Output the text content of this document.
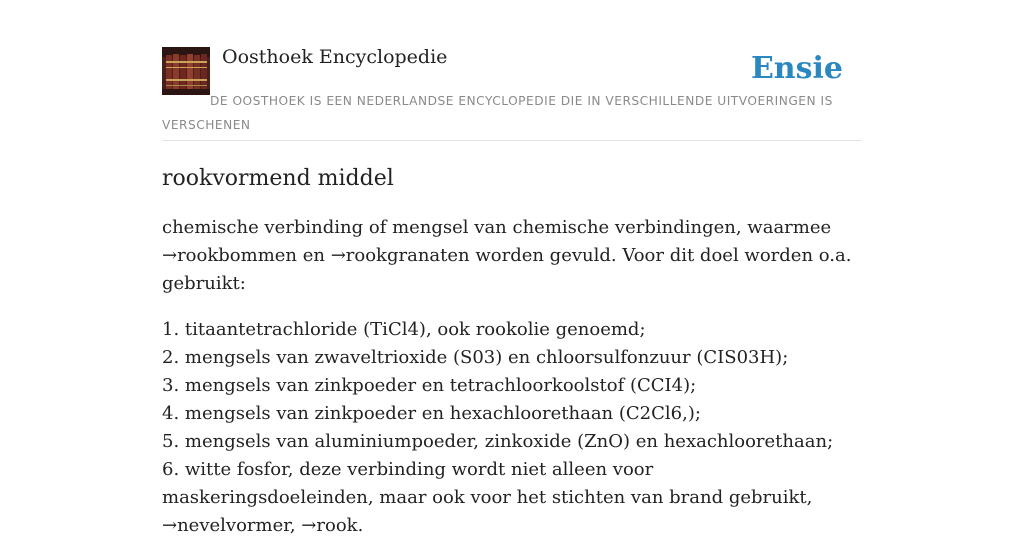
Oosthoek Encyclopedie	Ensie
DE OOSTHOEK IS EEN NEDERLANDSE ENCYCLOPEDIE DIE IN VERSCHILLENDE UITVOERINGEN IS VERSCHENEN
rookvormend middel

chemische verbinding of mengsel van chemische verbindingen, waarmee →rookbommen en →rookgranaten worden gevuld. Voor dit doel worden o.a. gebruikt:

1. titaantetrachloride (TiCl4), ook rookolie genoemd;
2. mengsels van zwaveltrioxide (S03) en chloorsulfonzuur (CIS03H);
3. mengsels van zinkpoeder en tetrachloorkoolstof (CCI4);
4. mengsels van zinkpoeder en hexachloorethaan (C2Cl6,);
5. mengsels van aluminiumpoeder, zinkoxide (ZnO) en hexachloorethaan;
6. witte fosfor, deze verbinding wordt niet alleen voor maskeringsdoeleinden, maar ook voor het stichten van brand gebruikt, →nevelvormer, →rook.
